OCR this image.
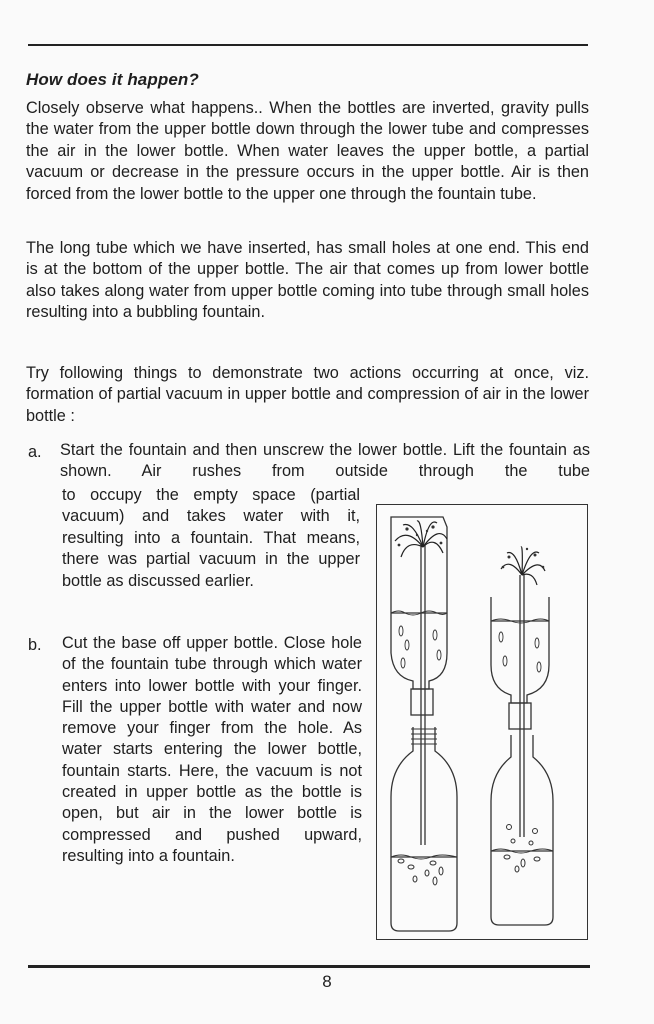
How does it happen?

Closely observe what happens.. When the bottles are inverted, gravity pulls the water from the upper bottle down through the lower tube and compresses the air in the lower bottle. When water leaves the upper bottle, a partial vacuum or decrease in the pressure occurs in the upper bottle. Air is then forced from the lower bottle to the upper one through the fountain tube.

The long tube which we have inserted, has small holes at one end. This end is at the bottom of the upper bottle. The air that comes up from lower bottle also takes along water from upper bottle coming into tube through small holes resulting into a bubbling fountain.

Try following things to demonstrate two actions occurring at once, viz. formation of partial vacuum in upper bottle and compression of air in the lower bottle :

a. Start the fountain and then unscrew the lower bottle. Lift the fountain as shown. Air rushes from outside through the tube

to occupy the empty space (partial vacuum) and takes water with it, resulting into a fountain. That means, there was partial vacuum in the upper bottle as discussed earlier.

b. Cut the base off upper bottle. Close hole of the fountain tube through which water enters into lower bottle with your finger. Fill the upper bottle with water and now remove your finger from the hole. As water starts entering the lower bottle, fountain starts. Here, the vacuum is not created in upper bottle as the bottle is open, but air in the lower bottle is compressed and pushed upward, resulting into a fountain.

8
